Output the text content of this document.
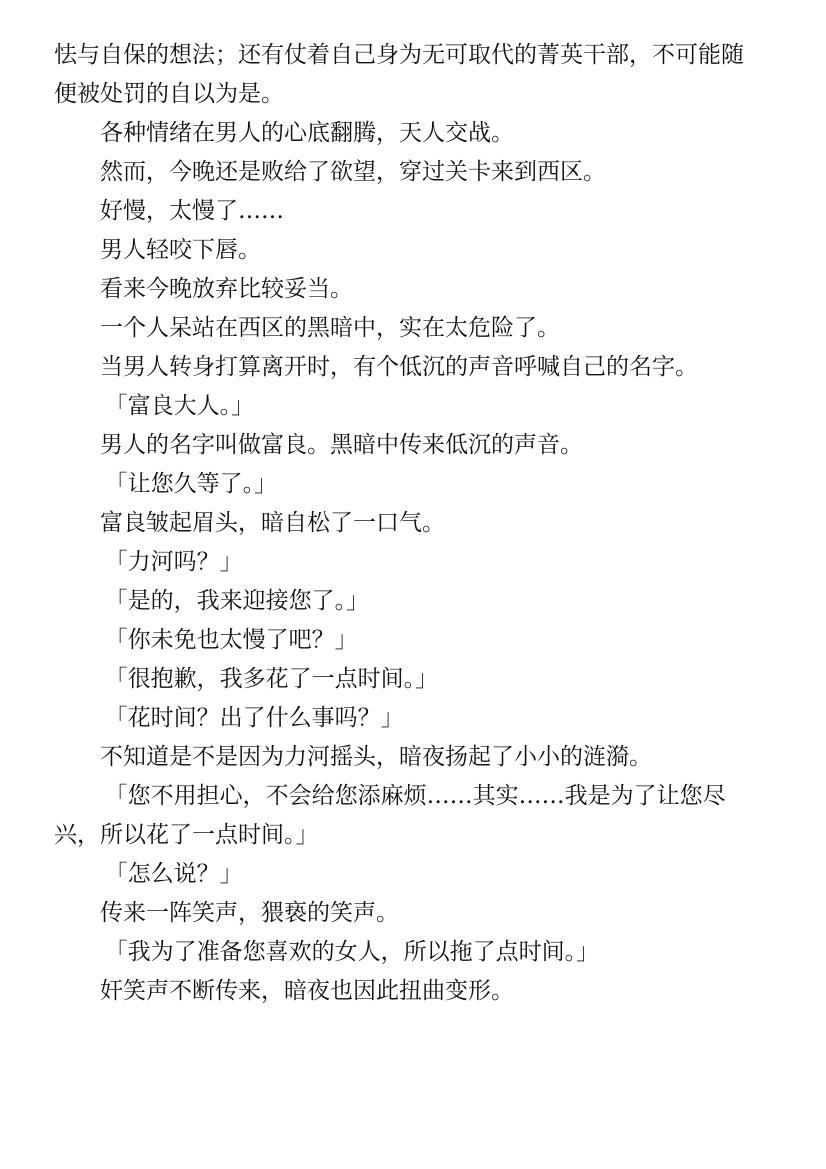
怯与自保的想法；还有仗着自己身为无可取代的菁英干部，不可能随便被处罚的自以为是。

各种情绪在男人的心底翻腾，天人交战。

然而，今晚还是败给了欲望，穿过关卡来到西区。

好慢，太慢了……

男人轻咬下唇。

看来今晚放弃比较妥当。

一个人呆站在西区的黑暗中，实在太危险了。

当男人转身打算离开时，有个低沉的声音呼喊自己的名字。

「富良大人。」

男人的名字叫做富良。黑暗中传来低沉的声音。

「让您久等了。」

富良皱起眉头，暗自松了一口气。

「力河吗？」

「是的，我来迎接您了。」

「你未免也太慢了吧？」

「很抱歉，我多花了一点时间。」

「花时间？出了什么事吗？」

不知道是不是因为力河摇头，暗夜扬起了小小的涟漪。

「您不用担心，不会给您添麻烦……其实……我是为了让您尽兴，所以花了一点时间。」

「怎么说？」

传来一阵笑声，猥亵的笑声。

「我为了准备您喜欢的女人，所以拖了点时间。」

奸笑声不断传来，暗夜也因此扭曲变形。
